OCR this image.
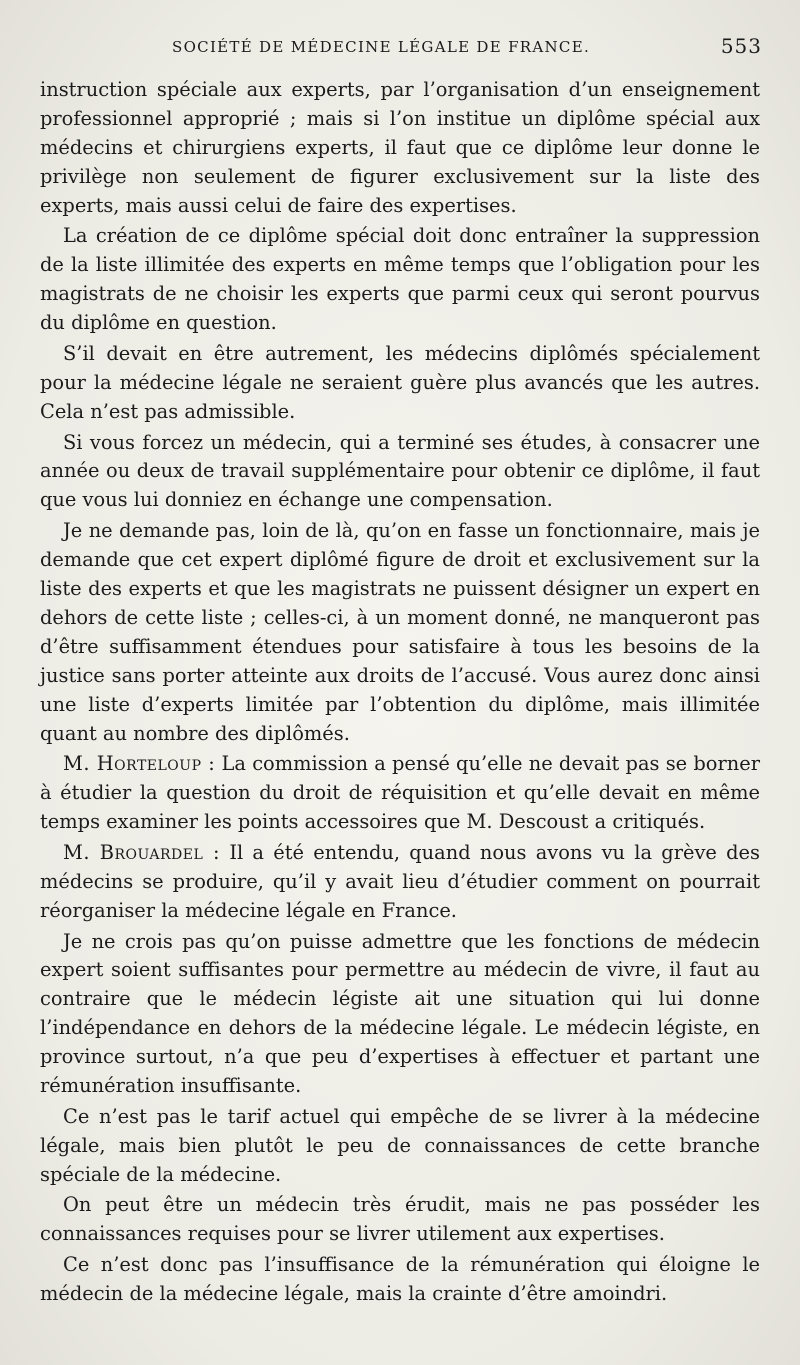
SOCIÉTÉ DE MÉDECINE LÉGALE DE FRANCE.	553

instruction spéciale aux experts, par l’organisation d’un enseignement professionnel approprié ; mais si l’on institue un diplôme spécial aux médecins et chirurgiens experts, il faut que ce diplôme leur donne le privilège non seulement de figurer exclusivement sur la liste des experts, mais aussi celui de faire des expertises.

La création de ce diplôme spécial doit donc entraîner la suppression de la liste illimitée des experts en même temps que l’obligation pour les magistrats de ne choisir les experts que parmi ceux qui seront pourvus du diplôme en question.

S’il devait en être autrement, les médecins diplômés spécialement pour la médecine légale ne seraient guère plus avancés que les autres. Cela n’est pas admissible.

Si vous forcez un médecin, qui a terminé ses études, à consacrer une année ou deux de travail supplémentaire pour obtenir ce diplôme, il faut que vous lui donniez en échange une compensation.

Je ne demande pas, loin de là, qu’on en fasse un fonctionnaire, mais je demande que cet expert diplômé figure de droit et exclusivement sur la liste des experts et que les magistrats ne puissent désigner un expert en dehors de cette liste ; celles-ci, à un moment donné, ne manqueront pas d’être suffisamment étendues pour satisfaire à tous les besoins de la justice sans porter atteinte aux droits de l’accusé. Vous aurez donc ainsi une liste d’experts limitée par l’obtention du diplôme, mais illimitée quant au nombre des diplômés.

M. Horteloup : La commission a pensé qu’elle ne devait pas se borner à étudier la question du droit de réquisition et qu’elle devait en même temps examiner les points accessoires que M. Descoust a critiqués.

M. Brouardel : Il a été entendu, quand nous avons vu la grève des médecins se produire, qu’il y avait lieu d’étudier comment on pourrait réorganiser la médecine légale en France.

Je ne crois pas qu’on puisse admettre que les fonctions de médecin expert soient suffisantes pour permettre au médecin de vivre, il faut au contraire que le médecin légiste ait une situation qui lui donne l’indépendance en dehors de la médecine légale. Le médecin légiste, en province surtout, n’a que peu d’expertises à effectuer et partant une rémunération insuffisante.

Ce n’est pas le tarif actuel qui empêche de se livrer à la médecine légale, mais bien plutôt le peu de connaissances de cette branche spéciale de la médecine.

On peut être un médecin très érudit, mais ne pas posséder les connaissances requises pour se livrer utilement aux expertises.

Ce n’est donc pas l’insuffisance de la rémunération qui éloigne le médecin de la médecine légale, mais la crainte d’être amoindri.
